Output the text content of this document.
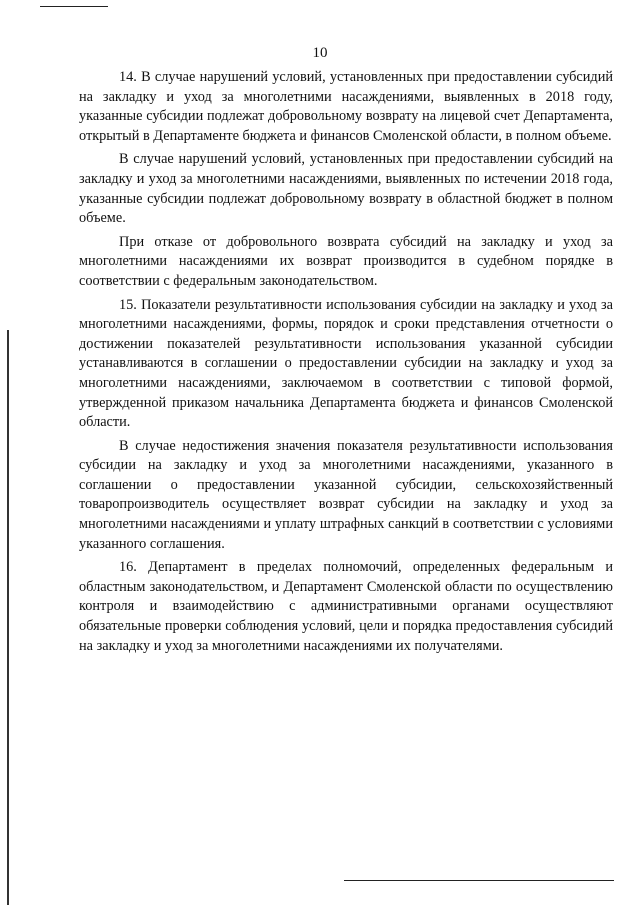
10

14. В случае нарушений условий, установленных при предоставлении субсидий на закладку и уход за многолетними насаждениями, выявленных в 2018 году, указанные субсидии подлежат добровольному возврату на лицевой счет Департамента, открытый в Департаменте бюджета и финансов Смоленской области, в полном объеме.

В случае нарушений условий, установленных при предоставлении субсидий на закладку и уход за многолетними насаждениями, выявленных по истечении 2018 года, указанные субсидии подлежат добровольному возврату в областной бюджет в полном объеме.

При отказе от добровольного возврата субсидий на закладку и уход за многолетними насаждениями их возврат производится в судебном порядке в соответствии с федеральным законодательством.

15. Показатели результативности использования субсидии на закладку и уход за многолетними насаждениями, формы, порядок и сроки представления отчетности о достижении показателей результативности использования указанной субсидии устанавливаются в соглашении о предоставлении субсидии на закладку и уход за многолетними насаждениями, заключаемом в соответствии с типовой формой, утвержденной приказом начальника Департамента бюджета и финансов Смоленской области.

В случае недостижения значения показателя результативности использования субсидии на закладку и уход за многолетними насаждениями, указанного в соглашении о предоставлении указанной субсидии, сельскохозяйственный товаропроизводитель осуществляет возврат субсидии на закладку и уход за многолетними насаждениями и уплату штрафных санкций в соответствии с условиями указанного соглашения.

16. Департамент в пределах полномочий, определенных федеральным и областным законодательством, и Департамент Смоленской области по осуществлению контроля и взаимодействию с административными органами осуществляют обязательные проверки соблюдения условий, цели и порядка предоставления субсидий на закладку и уход за многолетними насаждениями их получателями.
